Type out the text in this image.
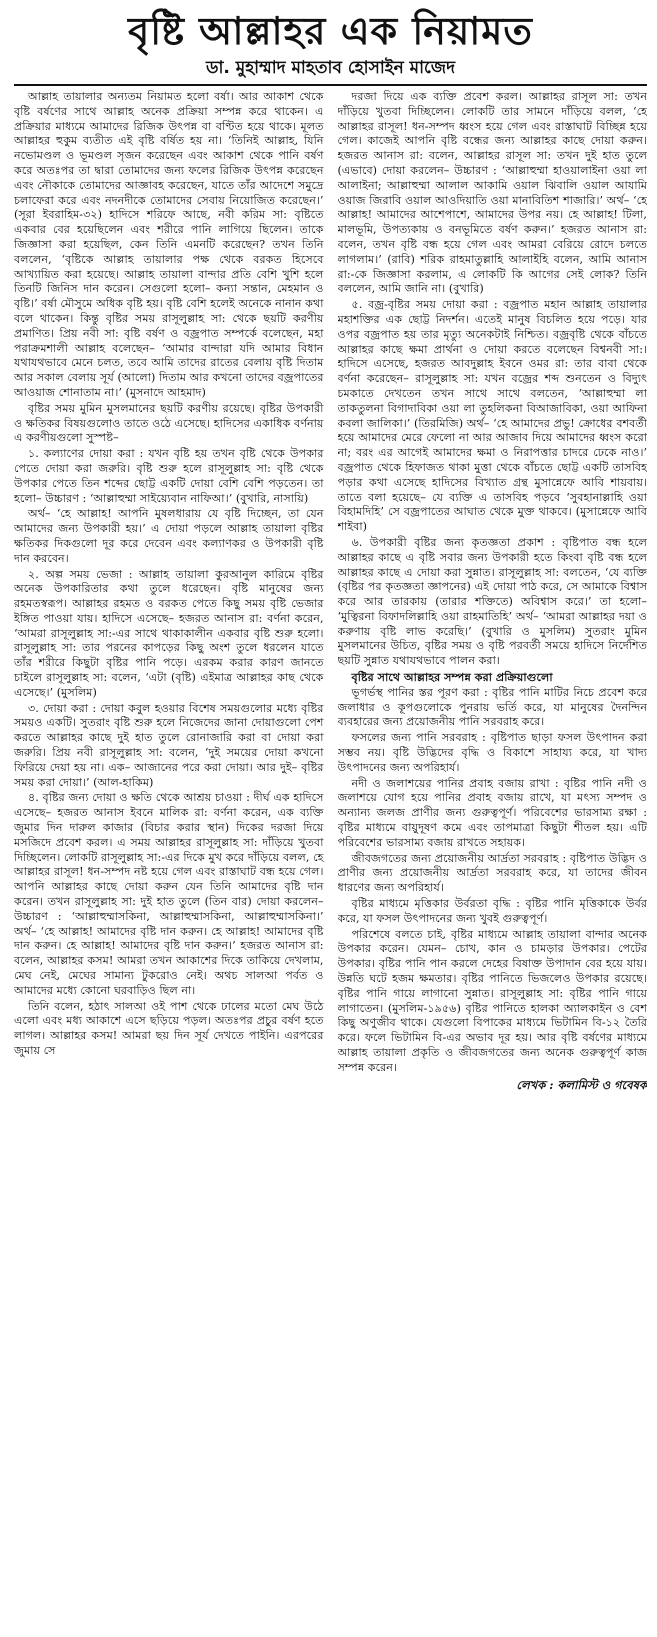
বৃষ্টি আল্লাহর এক নিয়ামত
ডা. মুহাম্মাদ মাহতাব হোসাইন মাজেদ

আল্লাহ তায়ালার অন্যতম নিয়ামত হলো বর্ষা। আর আকাশ থেকে বৃষ্টি বর্ষণের সাথে আল্লাহ অনেক প্রক্রিয়া সম্পন্ন করে থাকেন। এ প্রক্রিয়ার মাধ্যমে আমাদের রিজিক উৎপন্ন বা বণ্টিত হয়ে থাকে। মূলত আল্লাহর হুকুম ব্যতীত এই বৃষ্টি বর্ষিত হয় না। ‘তিনিই আল্লাহ, যিনি নভোমণ্ডল ও ভূমণ্ডল সৃজন করেছেন এবং আকাশ থেকে পানি বর্ষণ করে অতঃপর তা দ্বারা তোমাদের জন্য ফলের রিজিক উৎপন্ন করেছেন এবং নৌকাকে তোমাদের আজ্ঞাবহ করেছেন, যাতে তাঁর আদেশে সমুদ্রে চলাফেরা করে এবং নদনদীকে তোমাদের সেবায় নিয়োজিত করেছেন।’ (সূরা ইবরাহিম-৩২) হাদিসে শরিফে আছে, নবী করিম সা: বৃষ্টিতে একবার বের হয়েছিলেন এবং শরীরে পানি লাগিয়ে ছিলেন। তাকে জিজ্ঞাসা করা হয়েছিল, কেন তিনি এমনটি করেছেন? তখন তিনি বললেন, ‘বৃষ্টিকে আল্লাহ তায়ালার পক্ষ থেকে বরকত হিসেবে আখ্যায়িত করা হয়েছে। আল্লাহ তায়ালা বান্দার প্রতি বেশি খুশি হলে তিনটি জিনিস দান করেন। সেগুলো হলো– কন্যা সন্তান, মেহমান ও বৃষ্টি।’ বর্ষা মৌসুমে অধিক বৃষ্টি হয়। বৃষ্টি বেশি হলেই অনেকে নানান কথা বলে থাকেন। কিন্তু বৃষ্টির সময় রাসূলুল্লাহ সা: থেকে ছয়টি করণীয় প্রমাণিত। প্রিয় নবী সা: বৃষ্টি বর্ষণ ও বজ্রপাত সম্পর্কে বলেছেন, মহা পরাক্রমশালী আল্লাহ বলেছেন– ‘আমার বান্দারা যদি আমার বিধান যথাযথভাবে মেনে চলত, তবে আমি তাদের রাতের বেলায় বৃষ্টি দিতাম আর সকাল বেলায় সূর্য (আলো) দিতাম আর কখনো তাদের বজ্রপাতের আওয়াজ শোনাতাম না।’ (মুসনাদে আহমাদ)

বৃষ্টির সময় মুমিন মুসলমানের ছয়টি করণীয় রয়েছে। বৃষ্টির উপকারী ও ক্ষতিকর বিষয়গুলোও তাতে ওঠে এসেছে। হাদিসের একাধিক বর্ণনায় এ করণীয়গুলো সুস্পষ্ট–

১. কল্যাণের দোয়া করা : যখন বৃষ্টি হয় তখন বৃষ্টি থেকে উপকার পেতে দোয়া করা জরুরি। বৃষ্টি শুরু হলে রাসূলুল্লাহ সা: বৃষ্টি থেকে উপকার পেতে তিন শব্দের ছোট্ট একটি দোয়া বেশি বেশি পড়তেন। তা হলো– উচ্চারণ : ‘আল্লাহুম্মা সাইয়্যেবান নাফিআ।’ (বুখারি, নাসায়ি)

অর্থ– ‘হে আল্লাহ! আপনি মুষলধারায় যে বৃষ্টি দিচ্ছেন, তা যেন আমাদের জন্য উপকারী হয়।’ এ দোয়া পড়লে আল্লাহ তায়ালা বৃষ্টির ক্ষতিকর দিকগুলো দূর করে দেবেন এবং কল্যাণকর ও উপকারী বৃষ্টি দান করবেন।

২. অল্প সময় ভেজা : আল্লাহ তায়ালা কুরআনুল কারিমে বৃষ্টির অনেক উপকারিতার কথা তুলে ধরেছেন। বৃষ্টি মানুষের জন্য রহমতস্বরূপ। আল্লাহর রহমত ও বরকত পেতে কিছু সময় বৃষ্টি ভেজার ইঙ্গিত পাওয়া যায়। হাদিসে এসেছে– হজরত আনাস রা: বর্ণনা করেন, ‘আমরা রাসূলুল্লাহ সা:-এর সাথে থাকাকালীন একবার বৃষ্টি শুরু হলো। রাসূলুল্লাহ সা: তার পরনের কাপড়ের কিছু অংশ তুলে ধরলেন যাতে তাঁর শরীরে কিছুটা বৃষ্টির পানি পড়ে। এরকম করার কারণ জানতে চাইলে রাসূলুল্লাহ সা: বলেন, ‘এটা (বৃষ্টি) এইমাত্র আল্লাহর কাছ থেকে এসেছে।’ (মুসলিম)

৩. দোয়া করা : দোয়া কবুল হওয়ার বিশেষ সময়গুলোর মধ্যে বৃষ্টির সময়ও একটি। সুতরাং বৃষ্টি শুরু হলে নিজেদের জানা দোয়াগুলো পেশ করতে আল্লাহর কাছে দুই হাত তুলে রোনাজারি করা বা দোয়া করা জরুরি। প্রিয় নবী রাসূলুল্লাহ সা: বলেন, ‘দুই সময়ের দোয়া কখনো ফিরিয়ে দেয়া হয় না। এক– আজানের পরে করা দোয়া। আর দুই– বৃষ্টির সময় করা দোয়া।’ (আল-হাকিম)

৪. বৃষ্টির জন্য দোয়া ও ক্ষতি থেকে আশ্রয় চাওয়া : দীর্ঘ এক হাদিসে এসেছে– হজরত আনাস ইবনে মালিক রা: বর্ণনা করেন, এক ব্যক্তি জুমার দিন দারুল কাজার (বিচার করার স্থান) দিকের দরজা দিয়ে মসজিদে প্রবেশ করল। এ সময় আল্লাহর রাসূলুল্লাহ সা: দাঁড়িয়ে খুতবা দিচ্ছিলেন। লোকটি রাসূলুল্লাহ সা:-এর দিকে মুখ করে দাঁড়িয়ে বলল, হে আল্লাহর রাসূল! ধন-সম্পদ নষ্ট হয়ে গেল এবং রাস্তাঘাট বন্ধ হয়ে গেল। আপনি আল্লাহর কাছে দোয়া করুন যেন তিনি আমাদের বৃষ্টি দান করেন। তখন রাসূলুল্লাহ সা: দুই হাত তুলে (তিন বার) দোয়া করলেন– উচ্চারণ : ‘আল্লাহুম্মাসকিনা, আল্লাহুম্মাসকিনা, আল্লাহুম্মাসকিনা।’ অর্থ– ‘হে আল্লাহ! আমাদের বৃষ্টি দান করুন। হে আল্লাহ! আমাদের বৃষ্টি দান করুন। হে আল্লাহ! আমাদের বৃষ্টি দান করুন।’ হজরত আনাস রা: বলেন, আল্লাহর কসম! আমরা তখন আকাশের দিকে তাকিয়ে দেখলাম, মেঘ নেই, মেঘের সামান্য টুকরোও নেই। অথচ সালআ পর্বত ও আমাদের মধ্যে কোনো ঘরবাড়িও ছিল না।

তিনি বলেন, হঠাৎ সালআ ওই পাশ থেকে ঢালের মতো মেঘ উঠে এলো এবং মধ্য আকাশে এসে ছড়িয়ে পড়ল। অতঃপর প্রচুর বর্ষণ হতে লাগল। আল্লাহর কসম! আমরা ছয় দিন সূর্য দেখতে পাইনি। এরপরের জুমায় সে

দরজা দিয়ে এক ব্যক্তি প্রবেশ করল। আল্লাহর রাসূল সা: তখন দাঁড়িয়ে খুতবা দিচ্ছিলেন। লোকটি তার সামনে দাঁড়িয়ে বলল, ‘হে আল্লাহর রাসূল! ধন-সম্পদ ধ্বংস হয়ে গেল এবং রাস্তাঘাট বিচ্ছিন্ন হয়ে গেল। কাজেই আপনি বৃষ্টি বন্ধের জন্য আল্লাহর কাছে দোয়া করুন। হজরত আনাস রা: বলেন, আল্লাহর রাসূল সা: তখন দুই হাত তুলে (এভাবে) দোয়া করলেন– উচ্চারণ : ‘আল্লাহুম্মা হাওয়ালাইনা ওয়া লা আলাইনা; আল্লাহুম্মা আলাল আকামি ওয়াল ঝিবালি ওয়াল আযামি ওয়াজ জিরাবি ওয়াল আওদিয়াতি ওয়া মানাবিতিশ শাজারি।’ অর্থ– ‘হে আল্লাহ! আমাদের আশেপাশে, আমাদের উপর নয়। হে আল্লাহ! টিলা, মালভূমি, উপত্যকায় ও বনভূমিতে বর্ষণ করুন।’ হজরত আনাস রা: বলেন, তখন বৃষ্টি বন্ধ হয়ে গেল এবং আমরা বেরিয়ে রোদে চলতে লাগলাম।’ (রাবি) শরিক রাহমাতুল্লাহি আলাইহি বলেন, আমি আনাস রা:-কে জিজ্ঞাসা করলাম, এ লোকটি কি আগের সেই লোক? তিনি বললেন, আমি জানি না। (বুখারি)

৫. বজ্র-বৃষ্টির সময় দোয়া করা : বজ্রপাত মহান আল্লাহ তায়ালার মহাশক্তির এক ছোট্ট নিদর্শন। এতেই মানুষ বিচলিত হয়ে পড়ে। যার ওপর বজ্রপাত হয় তার মৃত্যু অনেকটাই নিশ্চিত। বজ্রবৃষ্টি থেকে বাঁচতে আল্লাহর কাছে ক্ষমা প্রার্থনা ও দোয়া করতে বলেছেন বিশ্বনবী সা:। হাদিসে এসেছে, হজরত আবদুল্লাহ ইবনে ওমর রা: তার বাবা থেকে বর্ণনা করেছেন– রাসূলুল্লাহ সা: যখন বজ্রের শব্দ শুনতেন ও বিদ্যুৎ চমকাতে দেখতেন তখন সাথে সাথে বলতেন, ‘আল্লাহুম্মা লা তাকতুলনা বিগাদাবিকা ওয়া লা তুহলিকনা বিআজাবিকা, ওয়া আফিনা কবলা জালিকা।’ (তিরমিজি) অর্থ– ‘হে আমাদের প্রভু! ক্রোধের বশবর্তী হয়ে আমাদের মেরে ফেলো না আর আজাব দিয়ে আমাদের ধ্বংস করো না; বরং এর আগেই আমাদের ক্ষমা ও নিরাপত্তার চাদরে ঢেকে নাও।’ বজ্রপাত থেকে হিফাজত থাকা মুত্তা থেকে বাঁচতে ছোট্ট একটি তাসবিহ পড়ার কথা এসেছে হাদিসের বিখ্যাত গ্রন্থ মুসান্নেফে আবি শায়বায়। তাতে বলা হয়েছে– যে ব্যক্তি এ তাসবিহ পড়বে ‘সুবহানাল্লাহি ওয়া বিহামদিহি’ সে বজ্রপাতের আঘাত থেকে মুক্ত থাকবে। (মুসান্নেফে আবি শাইবা)

৬. উপকারী বৃষ্টির জন্য কৃতজ্ঞতা প্রকাশ : বৃষ্টিপাত বন্ধ হলে আল্লাহর কাছে এ বৃষ্টি সবার জন্য উপকারী হতে কিংবা বৃষ্টি বন্ধ হলে আল্লাহর কাছে এ দোয়া করা সুন্নাত। রাসূলুল্লাহ সা: বলতেন, ‘যে ব্যক্তি (বৃষ্টির পর কৃতজ্ঞতা জ্ঞাপনের) এই দোয়া পাঠ করে, সে আমাকে বিশ্বাস করে আর তারকায় (তারার শক্তিতে) অবিশ্বাস করে।’ তা হলো– ‘মুত্বিরনা বিফাদলিল্লাহি ওয়া রাহমাতিহি’ অর্থ– ‘আমরা আল্লাহর দয়া ও করুণায় বৃষ্টি লাভ করেছি।’ (বুখারি ও মুসলিম) সুতরাং মুমিন মুসলমানের উচিত, বৃষ্টির সময় ও বৃষ্টি পরবর্তী সময়ে হাদিসে নির্দেশিত ছয়টি সুন্নাত যথাযথভাবে পালন করা।

বৃষ্টির সাথে আল্লাহর সম্পন্ন করা প্রক্রিয়াগুলো

ভূগর্ভস্থ পানির স্তর পূরণ করা : বৃষ্টির পানি মাটির নিচে প্রবেশ করে জলাধার ও কূপগুলোকে পুনরায় ভর্তি করে, যা মানুষের দৈনন্দিন ব্যবহারের জন্য প্রয়োজনীয় পানি সরবরাহ করে।

ফসলের জন্য পানি সরবরাহ : বৃষ্টিপাত ছাড়া ফসল উৎপাদন করা সম্ভব নয়। বৃষ্টি উদ্ভিদের বৃদ্ধি ও বিকাশে সাহায্য করে, যা খাদ্য উৎপাদনের জন্য অপরিহার্য।

নদী ও জলাশয়ের পানির প্রবাহ বজায় রাখা : বৃষ্টির পানি নদী ও জলাশয়ে যোগ হয়ে পানির প্রবাহ বজায় রাখে, যা মৎস্য সম্পদ ও অন্যান্য জলজ প্রাণীর জন্য গুরুত্বপূর্ণ। পরিবেশের ভারসাম্য রক্ষা : বৃষ্টির মাধ্যমে বায়ুদূষণ কমে এবং তাপমাত্রা কিছুটা শীতল হয়। এটি পরিবেশের ভারসাম্য বজায় রাখতে সহায়ক।

জীবজগতের জন্য প্রয়োজনীয় আর্দ্রতা সরবরাহ : বৃষ্টিপাত উদ্ভিদ ও প্রাণীর জন্য প্রয়োজনীয় আর্দ্রতা সরবরাহ করে, যা তাদের জীবন ধারণের জন্য অপরিহার্য।

বৃষ্টির মাধ্যমে মৃত্তিকার উর্বরতা বৃদ্ধি : বৃষ্টির পানি মৃত্তিকাকে উর্বর করে, যা ফসল উৎপাদনের জন্য খুবই গুরুত্বপূর্ণ।

পরিশেষে বলতে চাই, বৃষ্টির মাধ্যমে আল্লাহ তায়ালা বান্দার অনেক উপকার করেন। যেমন– চোখ, কান ও চামড়ার উপকার। পেটের উপকার। বৃষ্টির পানি পান করলে দেহের বিষাক্ত উপাদান বের হয়ে যায়। উন্নতি ঘটে হজম ক্ষমতার। বৃষ্টির পানিতে ভিজলেও উপকার রয়েছে। বৃষ্টির পানি গায়ে লাগানো সুন্নাত। রাসূলুল্লাহ সা: বৃষ্টির পানি গায়ে লাগাতেন। (মুসলিম-১৯৫৬) বৃষ্টির পানিতে হালকা অ্যালকাইন ও বেশ কিছু অণুজীব থাকে। যেগুলো বিপাকের মাধ্যমে ভিটামিন বি-১২ তৈরি করে। ফলে ভিটামিন বি-এর অভাব দূর হয়। আর বৃষ্টি বর্ষণের মাধ্যমে আল্লাহ তায়ালা প্রকৃতি ও জীবজগতের জন্য অনেক গুরুত্বপূর্ণ কাজ সম্পন্ন করেন।

লেখক : কলামিস্ট ও গবেষক
